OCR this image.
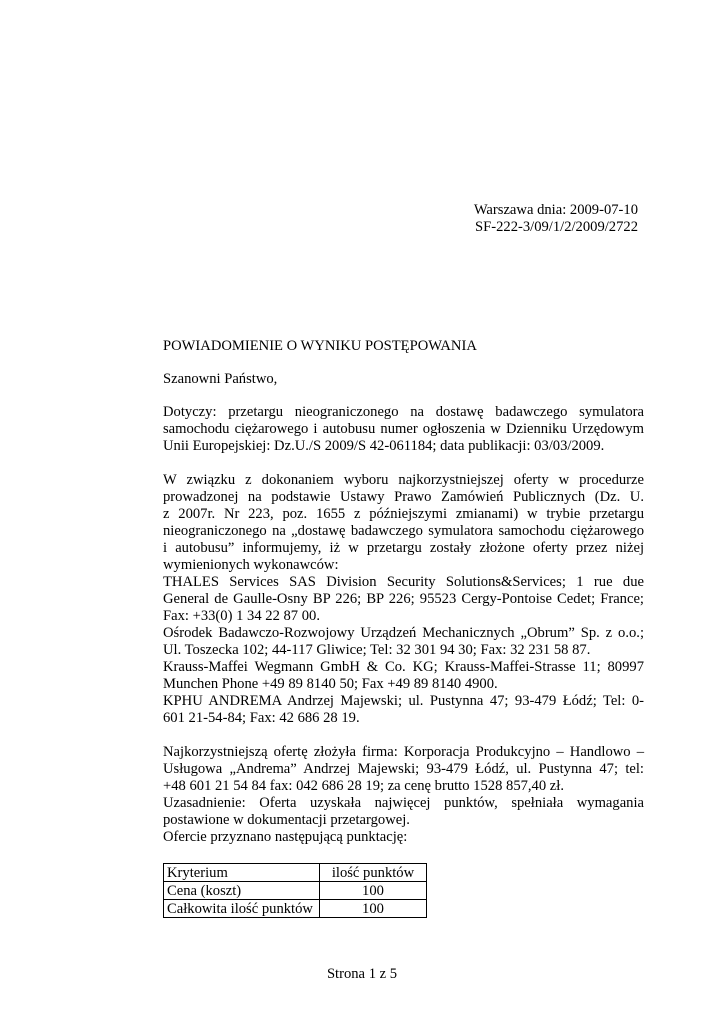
Warszawa dnia: 2009-07-10
SF-222-3/09/1/2/2009/2722
POWIADOMIENIE O WYNIKU POSTĘPOWANIA
Szanowni Państwo,
Dotyczy: przetargu nieograniczonego na dostawę badawczego symulatora
samochodu ciężarowego i autobusu numer ogłoszenia w Dzienniku Urzędowym
Unii Europejskiej: Dz.U./S 2009/S 42-061184; data publikacji: 03/03/2009.
W związku z dokonaniem wyboru najkorzystniejszej oferty w procedurze
prowadzonej na podstawie Ustawy Prawo Zamówień Publicznych (Dz. U.
z 2007r. Nr 223, poz. 1655 z późniejszymi zmianami) w trybie przetargu
nieograniczonego na „dostawę badawczego symulatora samochodu ciężarowego
i autobusu” informujemy, iż w przetargu zostały złożone oferty przez niżej
wymienionych wykonawców:
THALES Services SAS Division Security Solutions&Services; 1 rue due
General de Gaulle-Osny BP 226; BP 226; 95523 Cergy-Pontoise Cedet; France;
Fax: +33(0) 1 34 22 87 00.
Ośrodek Badawczo-Rozwojowy Urządzeń Mechanicznych „Obrum” Sp. z o.o.;
Ul. Toszecka 102; 44-117 Gliwice; Tel: 32 301 94 30; Fax: 32 231 58 87.
Krauss-Maffei Wegmann GmbH & Co. KG; Krauss-Maffei-Strasse 11; 80997
Munchen Phone +49 89 8140 50; Fax +49 89 8140 4900.
KPHU ANDREMA Andrzej Majewski; ul. Pustynna 47; 93-479 Łódź; Tel: 0-
601 21-54-84; Fax: 42 686 28 19.
Najkorzystniejszą ofertę złożyła firma: Korporacja Produkcyjno – Handlowo –
Usługowa „Andrema” Andrzej Majewski; 93-479 Łódź, ul. Pustynna 47; tel:
+48 601 21 54 84 fax: 042 686 28 19; za cenę brutto 1528 857,40 zł.
Uzasadnienie: Oferta uzyskała najwięcej punktów, spełniała wymagania
postawione w dokumentacji przetargowej.
Ofercie przyznano następującą punktację:
Kryterium	ilość punktów
Cena (koszt)	100
Całkowita ilość punktów	100
Strona 1 z 5
